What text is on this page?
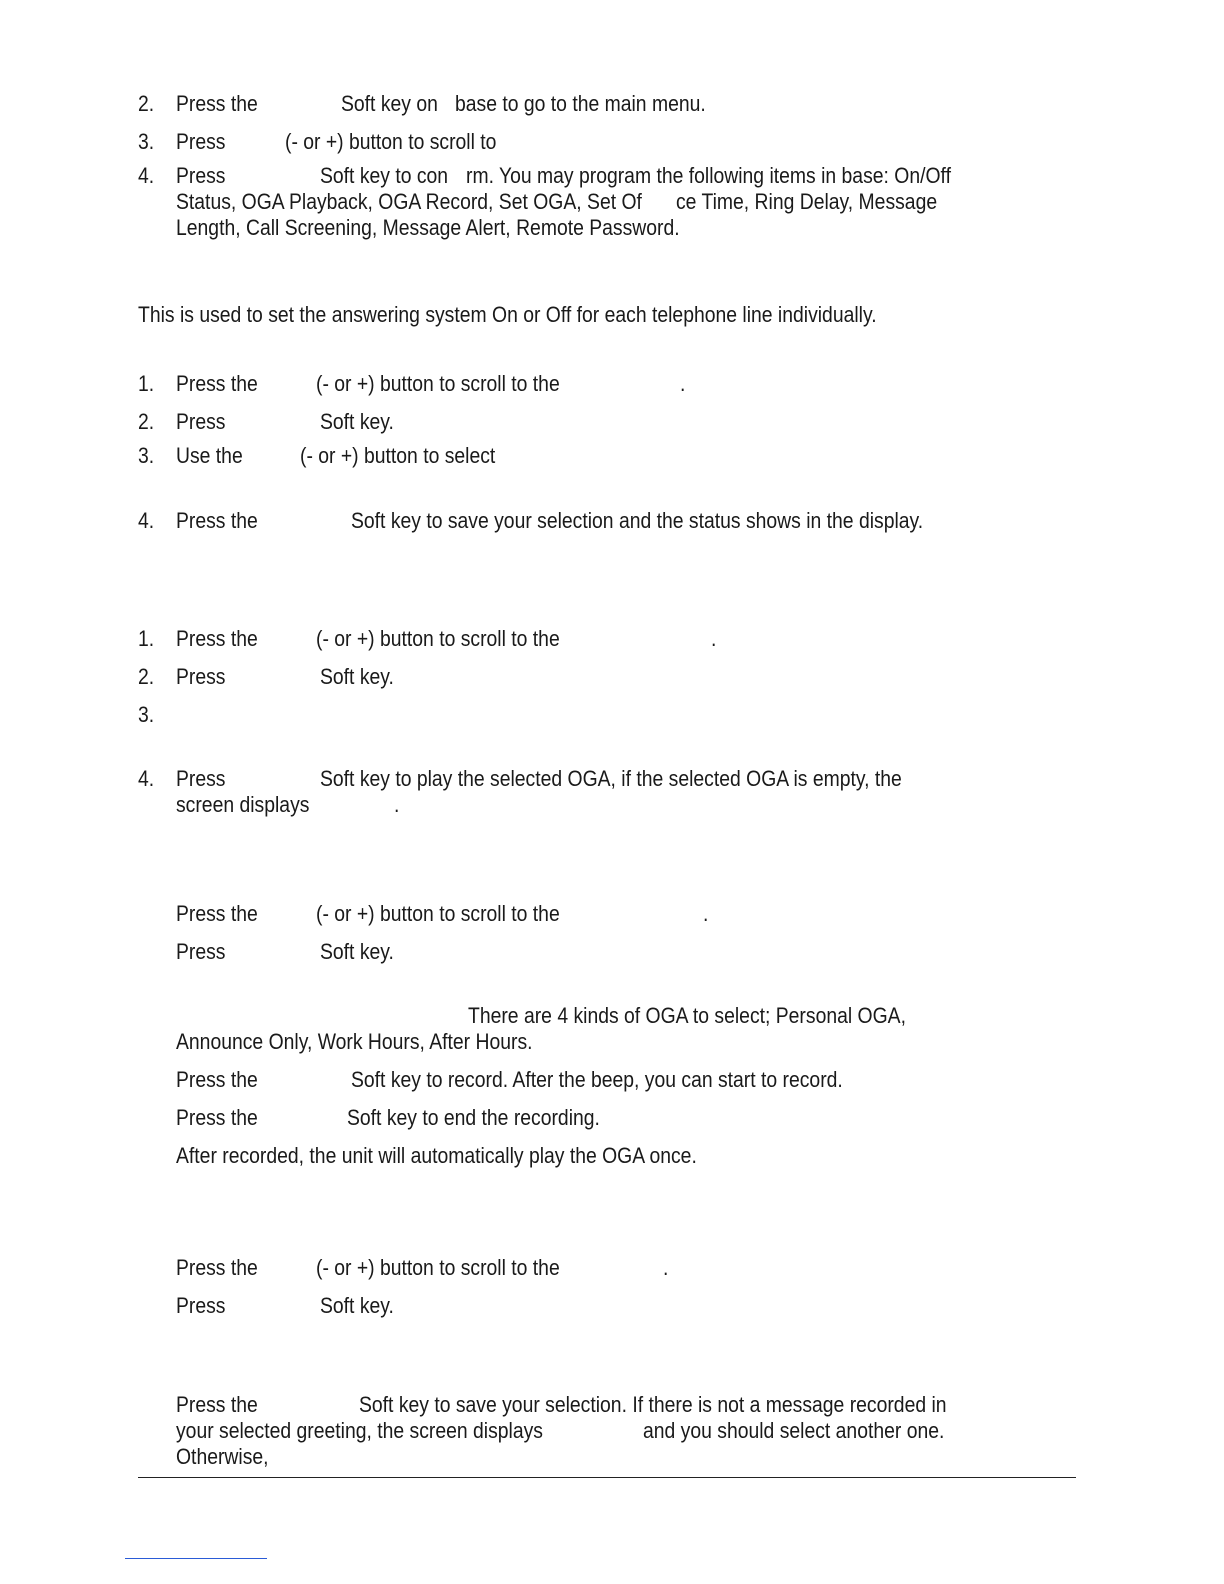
2. Press the	Soft key on base to go to the main menu.
3. Press	(- or +) button to scroll to
4. Press	Soft key to con rm. You may program the following items in base: On/Off
Status, OGA Playback, OGA Record, Set OGA, Set Of ce Time, Ring Delay, Message
Length, Call Screening, Message Alert, Remote Password.
This is used to set the answering system On or Off for each telephone line individually.
1. Press the	(- or +) button to scroll to the	.
2. Press	Soft key.
3. Use the	(- or +) button to select
4. Press the	Soft key to save your selection and the status shows in the display.
1. Press the	(- or +) button to scroll to the	.
2. Press	Soft key.
3.
4. Press	Soft key to play the selected OGA, if the selected OGA is empty, the
screen displays	.
Press the	(- or +) button to scroll to the	.
Press	Soft key.
There are 4 kinds of OGA to select; Personal OGA,
Announce Only, Work Hours, After Hours.
Press the	Soft key to record. After the beep, you can start to record.
Press the	Soft key to end the recording.
After recorded, the unit will automatically play the OGA once.
Press the	(- or +) button to scroll to the	.
Press	Soft key.
Press the	Soft key to save your selection. If there is not a message recorded in
your selected greeting, the screen displays	and you should select another one.
Otherwise,
